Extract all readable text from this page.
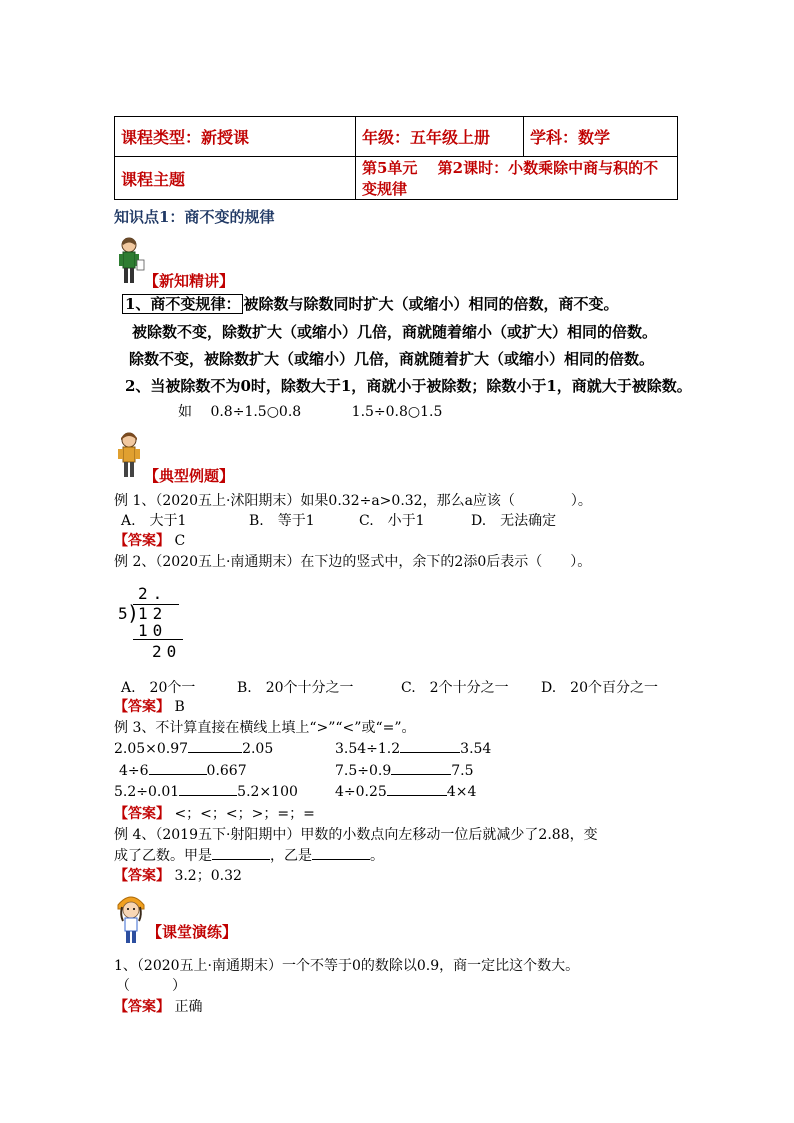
课程类型：新授课	年级：五年级上册	学科：数学
课程主题	第5单元　 第2课时：小数乘除中商与积的不变规律	
知识点1：商不变的规律
【新知精讲】
1、商不变规律： 被除数与除数同时扩大（或缩小）相同的倍数，商不变。
被除数不变，除数扩大（或缩小）几倍，商就随着缩小（或扩大）相同的倍数。
除数不变，被除数扩大（或缩小）几倍，商就随着扩大（或缩小）相同的倍数。
2、当被除数不为0时，除数大于1，商就小于被除数；除数小于1，商就大于被除数。
如 0.8÷1.5○0.8	1.5÷0.8○1.5
【典型例题】
例 1、（2020五上·沭阳期末）如果0.32÷a>0.32，那么a应该（　　　　）。
A.　大于1	B.　等于1	C.　小于1	D.　无法确定
【答案】 C
例 2、（2020五上·南通期末）在下边的竖式中，余下的2添0后表示（　　）。
2.
5 )
12
10
20
A.　20个一	B.　20个十分之一	C.　2个十分之一 D.　20个百分之一
【答案】 B
例 3、不计算直接在横线上填上“>”“<”或“=”。
2.05×0.97	2.05	3.54÷1.2	3.54
4÷6	0.667	7.5÷0.9	7.5
5.2÷0.01	5.2×100	4÷0.25	4×4
【答案】 <；<；<；>；=；=
例 4、（2019五下·射阳期中）甲数的小数点向左移动一位后就减少了2.88，变
成了乙数。甲是	，乙是	。
【答案】 3.2；0.32
【课堂演练】
1、（2020五上·南通期末）一个不等于0的数除以0.9，商一定比这个数大。
（　　　）
【答案】 正确
